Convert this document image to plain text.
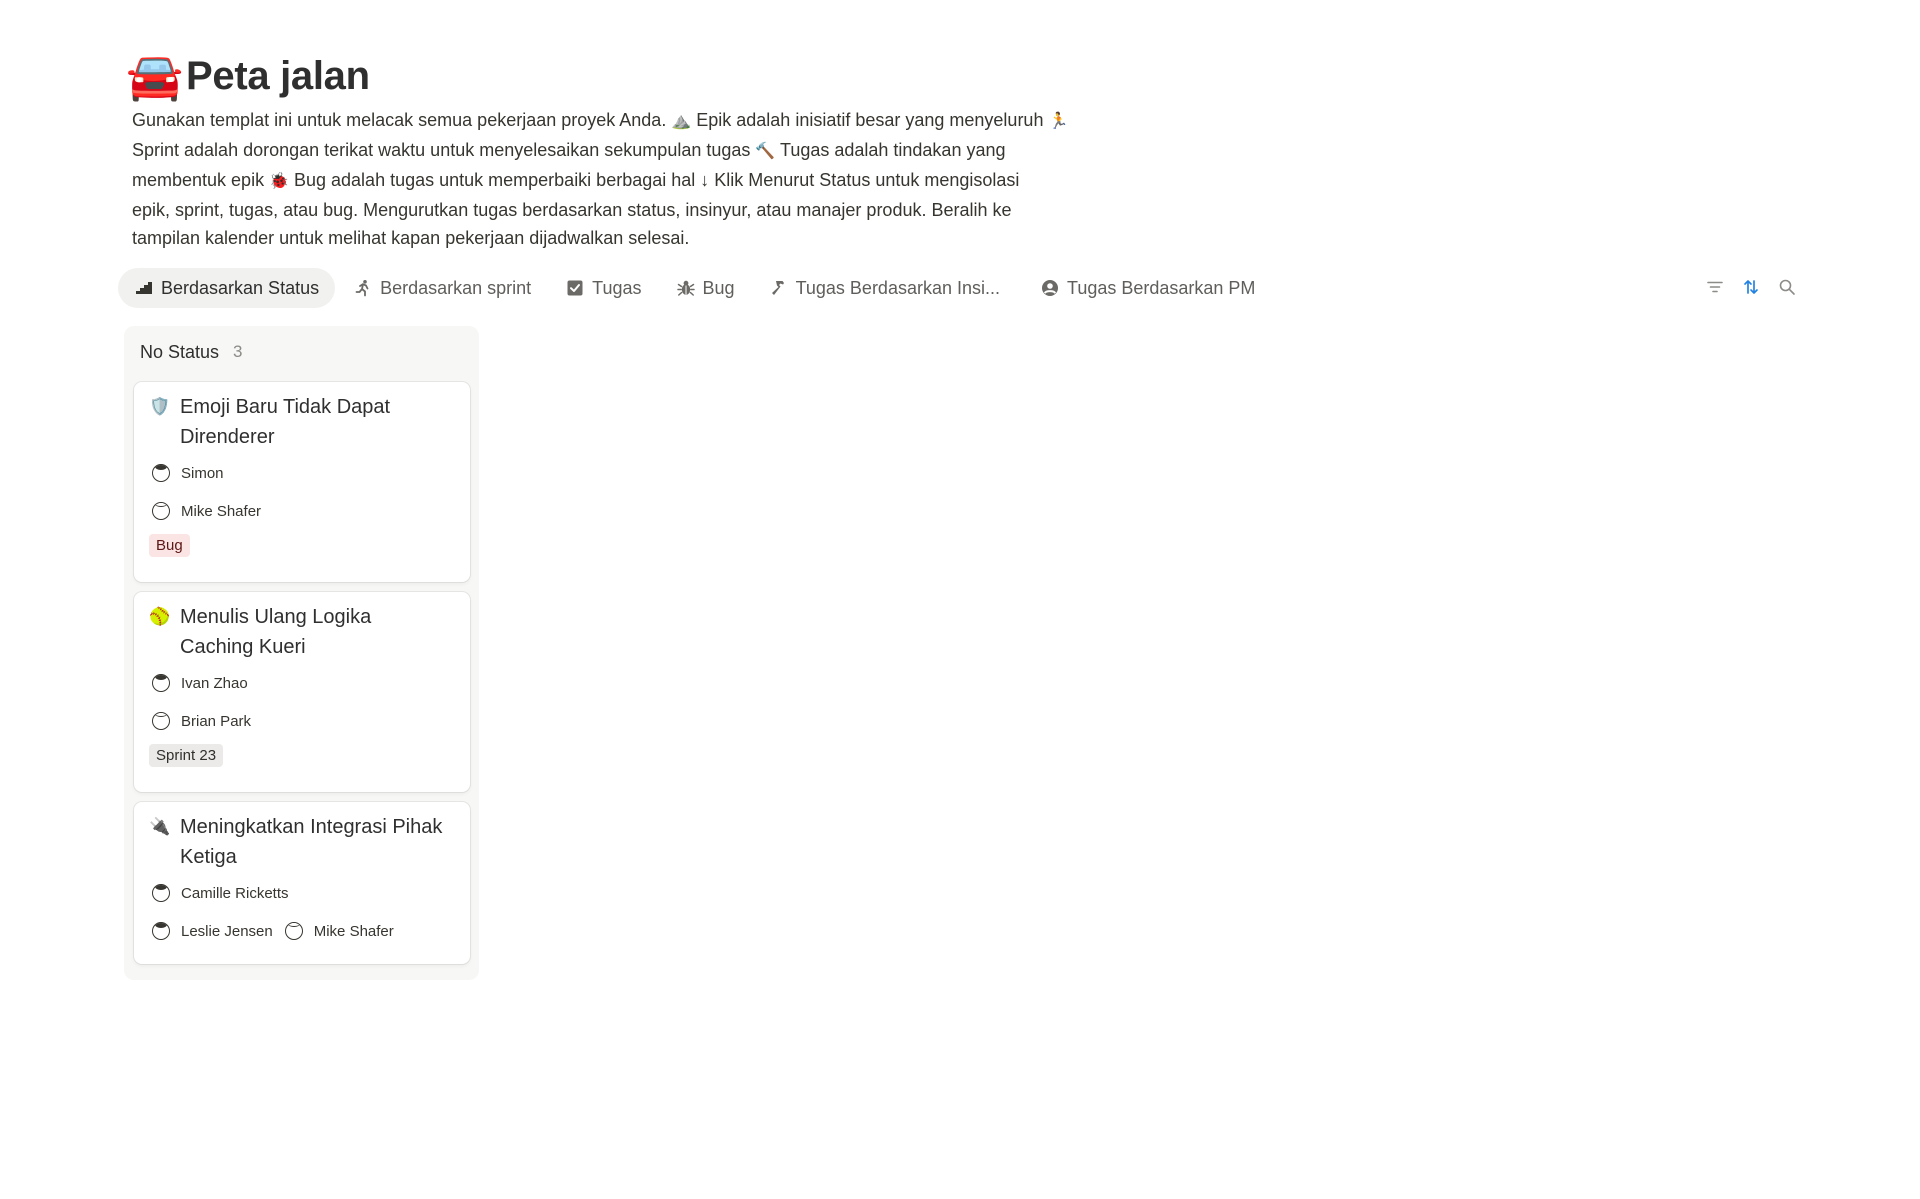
🚘 Peta jalan
Gunakan templat ini untuk melacak semua pekerjaan proyek Anda. ⛰️ Epik adalah inisiatif besar yang menyeluruh 🏃
Sprint adalah dorongan terikat waktu untuk menyelesaikan sekumpulan tugas 🔨 Tugas adalah tindakan yang
membentuk epik 🐞 Bug adalah tugas untuk memperbaiki berbagai hal ↓ Klik Menurut Status untuk mengisolasi
epik, sprint, tugas, atau bug. Mengurutkan tugas berdasarkan status, insinyur, atau manajer produk. Beralih ke
tampilan kalender untuk melihat kapan pekerjaan dijadwalkan selesai.
Berdasarkan Status	Berdasarkan sprint	Tugas	Bug	Tugas Berdasarkan Insi...	Tugas Berdasarkan PM
No Status 3
🛡️ Emoji Baru Tidak Dapat
Direnderer
Simon
Mike Shafer
Bug
🥎 Menulis Ulang Logika
Caching Kueri
Ivan Zhao
Brian Park
Sprint 23
🔌 Meningkatkan Integrasi Pihak
Ketiga
Camille Ricketts
Leslie Jensen	Mike Shafer
